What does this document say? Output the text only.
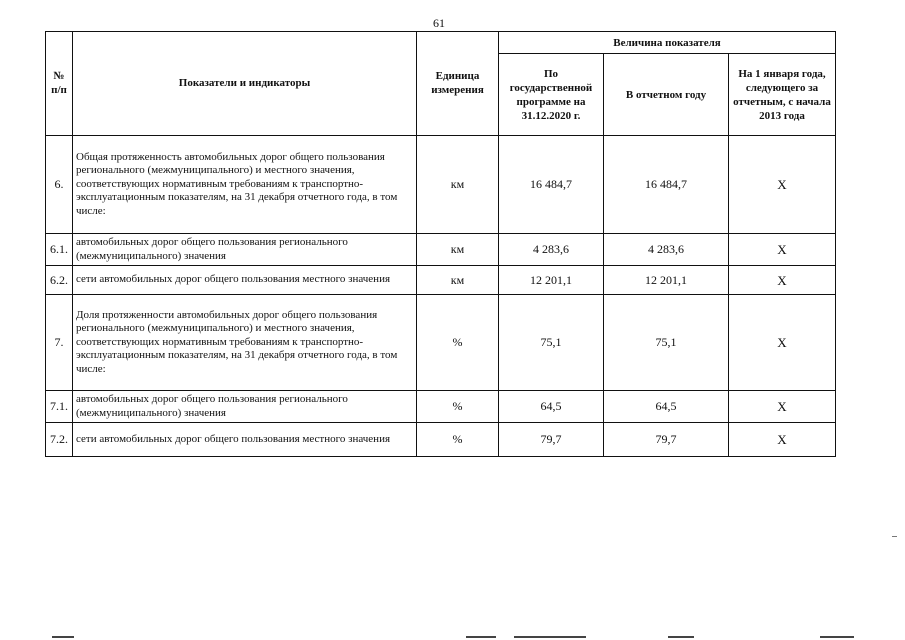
61
№ п/п	Показатели и индикаторы	Единица измерения	Величина показателя		
			По государственной программе на 31.12.2020 г.	В отчетном году	На 1 января года, следующего за отчетным, с начала 2013 года
6.	Общая протяженность автомобильных дорог общего пользования регионального (межмуниципального) и местного значения, соответствующих нормативным требованиям к транспортно-эксплуатационным показателям, на 31 декабря отчетного года, в том числе:	км	16 484,7	16 484,7	Х
6.1.	автомобильных дорог общего пользования регионального (межмуниципального) значения	км	4 283,6	4 283,6	Х
6.2.	сети автомобильных дорог общего пользования местного значения	км	12 201,1	12 201,1	Х
7.	Доля протяженности автомобильных дорог общего пользования регионального (межмуниципального) и местного значения, соответствующих нормативным требованиям к транспортно-эксплуатационным показателям, на 31 декабря отчетного года, в том числе:	%	75,1	75,1	Х
7.1.	автомобильных дорог общего пользования регионального (межмуниципального) значения	%	64,5	64,5	Х
7.2.	сети автомобильных дорог общего пользования местного значения	%	79,7	79,7	Х
